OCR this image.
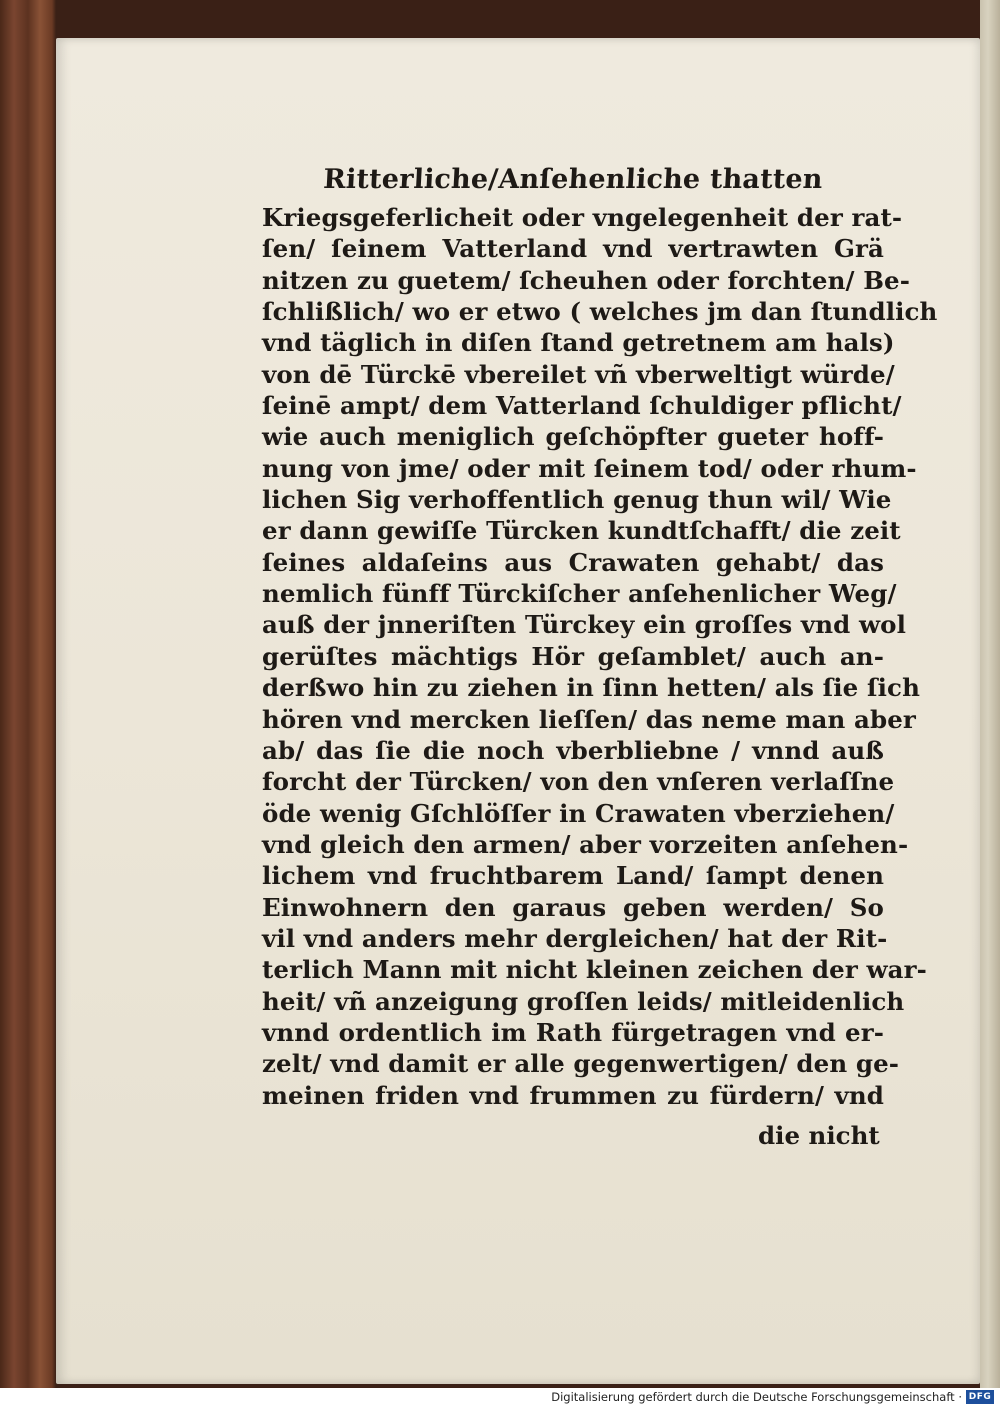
Ritterliche/Anſehenliche thatten
Kriegsgeferlicheit oder vngelegenheit der rat-
ſen/ ſeinem Vatterland vnd vertrawten Grä
nitzen zu guetem/ ſcheuhen oder forchten/ Be-
ſchlißlich/ wo er etwo ( welches jm dan ſtundlich
vnd täglich in diſen ſtand getretnem am hals)
von dē Türckē vbereilet vñ vberweltigt würde/
ſeinē ampt/ dem Vatterland ſchuldiger pflicht/
wie auch meniglich geſchöpfter gueter hoff-
nung von jme/ oder mit ſeinem tod/ oder rhum-
lichen Sig verhoffentlich genug thun wil/ Wie
er dann gewiſſe Türcken kundtſchafft/ die zeit
ſeines aldaſeins aus Crawaten gehabt/ das
nemlich fünff Türckiſcher anſehenlicher Weg/
auß der jnneriſten Türckey ein groſſes vnd wol
gerüſtes mächtigs Hör geſamblet/ auch an-
derßwo hin zu ziehen in ſinn hetten/ als ſie ſich
hören vnd mercken lieſſen/ das neme man aber
ab/ das ſie die noch vberbliebne / vnnd auß
forcht der Türcken/ von den vnſeren verlaſſne
öde wenig Gſchlöſſer in Crawaten vberziehen/
vnd gleich den armen/ aber vorzeiten anſehen-
lichem vnd fruchtbarem Land/ ſampt denen
Einwohnern den garaus geben werden/ So
vil vnd anders mehr dergleichen/ hat der Rit-
terlich Mann mit nicht kleinen zeichen der war-
heit/ vñ anzeigung groſſen leids/ mitleidenlich
vnnd ordentlich im Rath fürgetragen vnd er-
zelt/ vnd damit er alle gegenwertigen/ den ge-
meinen friden vnd frummen zu fürdern/ vnd
die nicht
Digitalisierung gefördert durch die Deutsche Forschungsgemeinschaft · DFG
